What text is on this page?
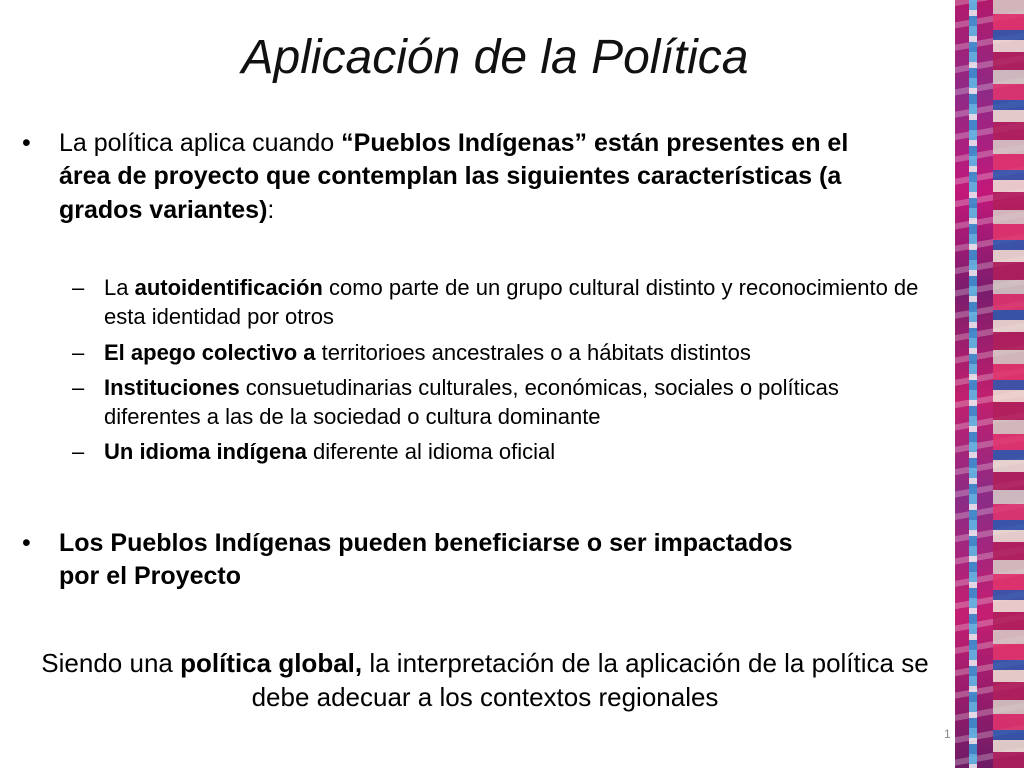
Aplicación de la Política
• La política aplica cuando “Pueblos Indígenas” están presentes en el área de proyecto que contemplan las siguientes características (a grados variantes):
– La autoidentificación como parte de un grupo cultural distinto y reconocimiento de esta identidad por otros
– El apego colectivo a territorioes ancestrales o a hábitats distintos
– Instituciones consuetudinarias culturales, económicas, sociales o políticas diferentes a las de la sociedad o cultura dominante
– Un idioma indígena diferente al idioma oficial
• Los Pueblos Indígenas pueden beneficiarse o ser impactados por el Proyecto
Siendo una política global, la interpretación de la aplicación de la política se debe adecuar a los contextos regionales
1
